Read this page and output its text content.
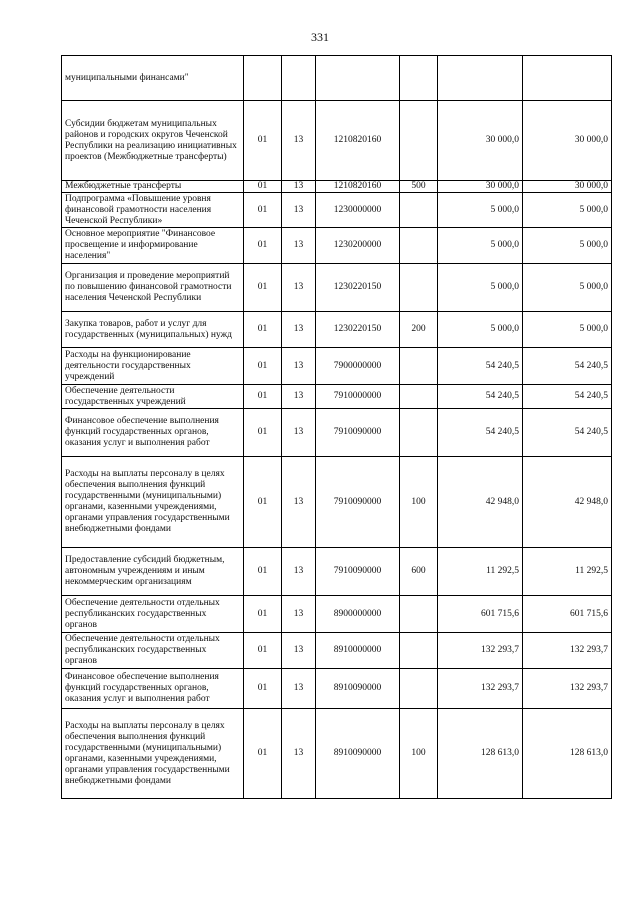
331
муниципальными финансами"						
Субсидии бюджетам муниципальных районов и городских округов Чеченской Республики на реализацию инициативных проектов (Межбюджетные трансферты)	01	13	1210820160		30 000,0	30 000,0
Межбюджетные трансферты	01	13	1210820160	500	30 000,0	30 000,0
Подпрограмма «Повышение уровня финансовой грамотности населения Чеченской Республики»	01	13	1230000000		5 000,0	5 000,0
Основное мероприятие "Финансовое просвещение и информирование населения"	01	13	1230200000		5 000,0	5 000,0
Организация и проведение мероприятий по повышению финансовой грамотности населения Чеченской Республики	01	13	1230220150		5 000,0	5 000,0
Закупка товаров, работ и услуг для государственных (муниципальных) нужд	01	13	1230220150	200	5 000,0	5 000,0
Расходы на функционирование деятельности государственных учреждений	01	13	7900000000		54 240,5	54 240,5
Обеспечение деятельности государственных учреждений	01	13	7910000000		54 240,5	54 240,5
Финансовое обеспечение выполнения функций государственных органов, оказания услуг и выполнения работ	01	13	7910090000		54 240,5	54 240,5
Расходы на выплаты персоналу в целях обеспечения выполнения функций государственными (муниципальными) органами, казенными учреждениями, органами управления государственными внебюджетными фондами	01	13	7910090000	100	42 948,0	42 948,0
Предоставление субсидий бюджетным, автономным учреждениям и иным некоммерческим организациям	01	13	7910090000	600	11 292,5	11 292,5
Обеспечение деятельности отдельных республиканских государственных органов	01	13	8900000000		601 715,6	601 715,6
Обеспечение деятельности отдельных республиканских государственных органов	01	13	8910000000		132 293,7	132 293,7
Финансовое обеспечение выполнения функций государственных органов, оказания услуг и выполнения работ	01	13	8910090000		132 293,7	132 293,7
Расходы на выплаты персоналу в целях обеспечения выполнения функций государственными (муниципальными) органами, казенными учреждениями, органами управления государственными внебюджетными фондами	01	13	8910090000	100	128 613,0	128 613,0
